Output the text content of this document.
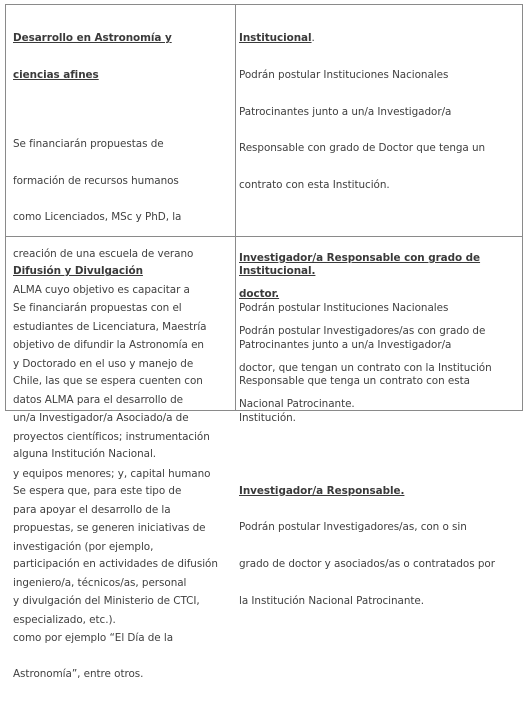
Desarrollo en Astronomía y

ciencias afines

Se financiarán propuestas de

formación de recursos humanos

como Licenciados, MSc y PhD, la

creación de una escuela de verano

ALMA cuyo objetivo es capacitar a

estudiantes de Licenciatura, Maestría

y Doctorado en el uso y manejo de

datos ALMA para el desarrollo de

proyectos científicos; instrumentación

y equipos menores; y, capital humano

para apoyar el desarrollo de la

investigación (por ejemplo,

ingeniero/a, técnicos/as, personal

especializado, etc.).

Institucional.

Podrán postular Instituciones Nacionales

Patrocinantes junto a un/a Investigador/a

Responsable con grado de Doctor que tenga un

contrato con esta Institución.

Investigador/a Responsable con grado de

doctor.

Podrán postular Investigadores/as con grado de

doctor, que tengan un contrato con la Institución

Nacional Patrocinante.

Difusión y Divulgación

Se financiarán propuestas con el

objetivo de difundir la Astronomía en

Chile, las que se espera cuenten con

un/a Investigador/a Asociado/a de

alguna Institución Nacional.

Se espera que, para este tipo de

propuestas, se generen iniciativas de

participación en actividades de difusión

y divulgación del Ministerio de CTCI,

como por ejemplo “El Día de la

Astronomía”, entre otros.

Institucional.

Podrán postular Instituciones Nacionales

Patrocinantes junto a un/a Investigador/a

Responsable que tenga un contrato con esta

Institución.

Investigador/a Responsable.

Podrán postular Investigadores/as, con o sin

grado de doctor y asociados/as o contratados por

la Institución Nacional Patrocinante.
